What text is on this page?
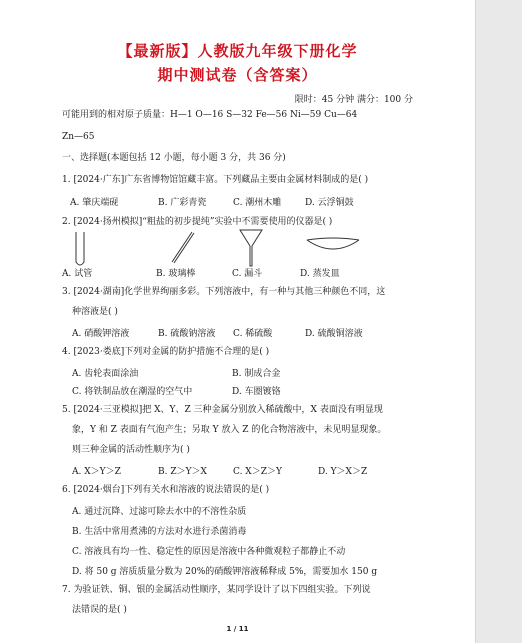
【最新版】人教版九年级下册化学
期中测试卷（含答案）
限时：45 分钟 满分：100 分
可能用到的相对原子质量：H—1 O—16 S—32 Fe—56 Ni—59 Cu—64
Zn—65
一、选择题(本题包括 12 小题，每小题 3 分，共 36 分)
1. [2024·广东]广东省博物馆馆藏丰富。下列藏品主要由金属材料制成的是( )
A. 肇庆端砚	B. 广彩青瓷	C. 潮州木雕	D. 云浮铜鼓
2. [2024·扬州模拟]“粗盐的初步提纯”实验中不需要使用的仪器是( )
A. 试管	B. 玻璃棒	C. 漏斗	D. 蒸发皿
3. [2024·湖南]化学世界绚丽多彩。下列溶液中，有一种与其他三种颜色不同，这
种溶液是( )
A. 硝酸钾溶液	B. 硫酸钠溶液 C. 稀硫酸	D. 硫酸铜溶液
4. [2023·娄底]下列对金属的防护措施不合理的是( )
A. 齿轮表面涂油	B. 制成合金
C. 将铁制品放在潮湿的空气中	D. 车圈镀铬
5. [2024·三亚模拟]把 X、Y、Z 三种金属分别放入稀硫酸中，X 表面没有明显现
象，Y 和 Z 表面有气泡产生；另取 Y 放入 Z 的化合物溶液中，未见明显现象。
则三种金属的活动性顺序为( )
A. X＞Y＞Z	B. Z＞Y＞X	C. X＞Z＞Y	D. Y＞X＞Z
6. [2024·烟台]下列有关水和溶液的说法错误的是( )
A. 通过沉降、过滤可除去水中的不溶性杂质
B. 生活中常用煮沸的方法对水进行杀菌消毒
C. 溶液具有均一性、稳定性的原因是溶液中各种微观粒子都静止不动
D. 将 50 g 溶质质量分数为 20%的硝酸钾溶液稀释成 5%，需要加水 150 g
7. 为验证铁、铜、银的金属活动性顺序，某同学设计了以下四组实验。下列说
法错误的是( )
1 / 11
